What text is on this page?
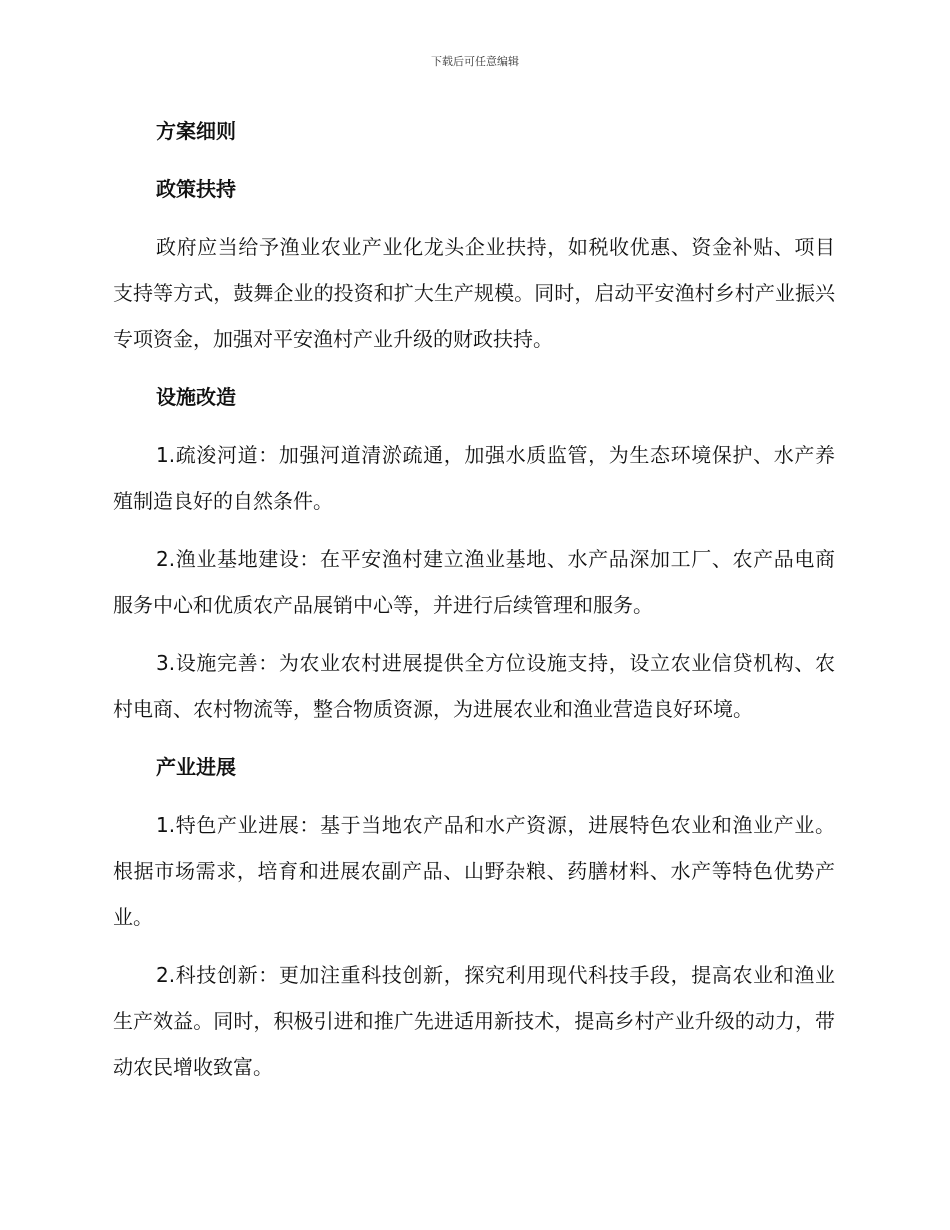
下载后可任意编辑
方案细则
政策扶持

政府应当给予渔业农业产业化龙头企业扶持，如税收优惠、资金补贴、项目支持等方式，鼓舞企业的投资和扩大生产规模。同时，启动平安渔村乡村产业振兴专项资金，加强对平安渔村产业升级的财政扶持。

设施改造

1.疏浚河道：加强河道清淤疏通，加强水质监管，为生态环境保护、水产养殖制造良好的自然条件。

2.渔业基地建设：在平安渔村建立渔业基地、水产品深加工厂、农产品电商服务中心和优质农产品展销中心等，并进行后续管理和服务。

3.设施完善：为农业农村进展提供全方位设施支持，设立农业信贷机构、农村电商、农村物流等，整合物质资源，为进展农业和渔业营造良好环境。

产业进展

1.特色产业进展：基于当地农产品和水产资源，进展特色农业和渔业产业。根据市场需求，培育和进展农副产品、山野杂粮、药膳材料、水产等特色优势产业。

2.科技创新：更加注重科技创新，探究利用现代科技手段，提高农业和渔业生产效益。同时，积极引进和推广先进适用新技术，提高乡村产业升级的动力，带动农民增收致富。
